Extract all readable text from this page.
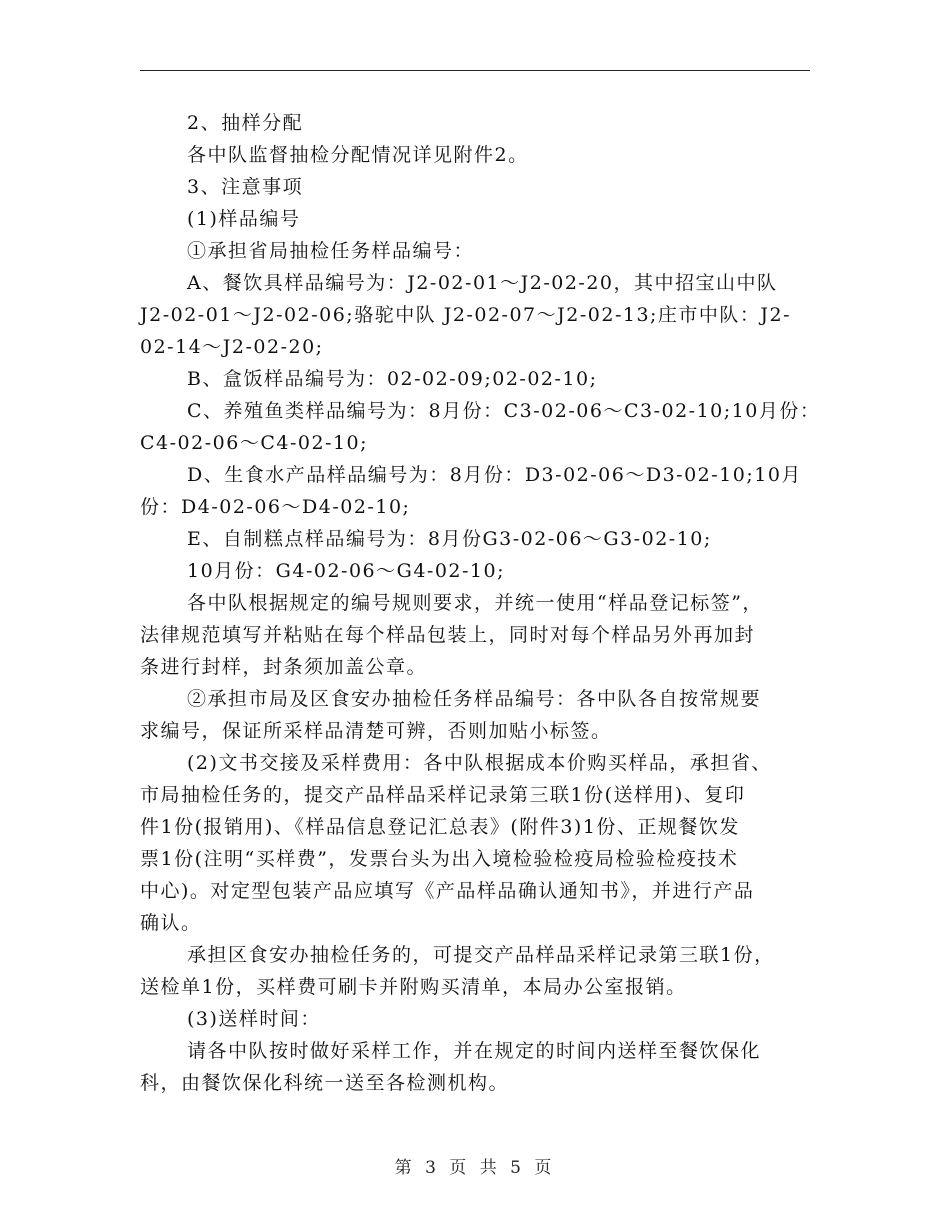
2、抽样分配

各中队监督抽检分配情况详见附件2。

3、注意事项

(1)样品编号

①承担省局抽检任务样品编号：

A、餐饮具样品编号为：J2-02-01～J2-02-20，其中招宝山中队

J2-02-01～J2-02-06;骆驼中队 J2-02-07～J2-02-13;庄市中队：J2-

02-14～J2-02-20;

B、盒饭样品编号为：02-02-09;02-02-10;

C、养殖鱼类样品编号为：8月份：C3-02-06～C3-02-10;10月份：

C4-02-06～C4-02-10;

D、生食水产品样品编号为：8月份：D3-02-06～D3-02-10;10月

份：D4-02-06～D4-02-10;

E、自制糕点样品编号为：8月份G3-02-06～G3-02-10;

10月份：G4-02-06～G4-02-10;

各中队根据规定的编号规则要求，并统一使用“样品登记标签”，

法律规范填写并粘贴在每个样品包装上，同时对每个样品另外再加封

条进行封样，封条须加盖公章。

②承担市局及区食安办抽检任务样品编号：各中队各自按常规要

求编号，保证所采样品清楚可辨，否则加贴小标签。

(2)文书交接及采样费用：各中队根据成本价购买样品，承担省、

市局抽检任务的，提交产品样品采样记录第三联1份(送样用)、复印

件1份(报销用)、《样品信息登记汇总表》(附件3)1份、正规餐饮发

票1份(注明“买样费”，发票台头为出入境检验检疫局检验检疫技术

中心)。对定型包装产品应填写《产品样品确认通知书》，并进行产品

确认。

承担区食安办抽检任务的，可提交产品样品采样记录第三联1份，

送检单1份，买样费可刷卡并附购买清单，本局办公室报销。

(3)送样时间：

请各中队按时做好采样工作，并在规定的时间内送样至餐饮保化

科，由餐饮保化科统一送至各检测机构。

第 3 页 共 5 页
